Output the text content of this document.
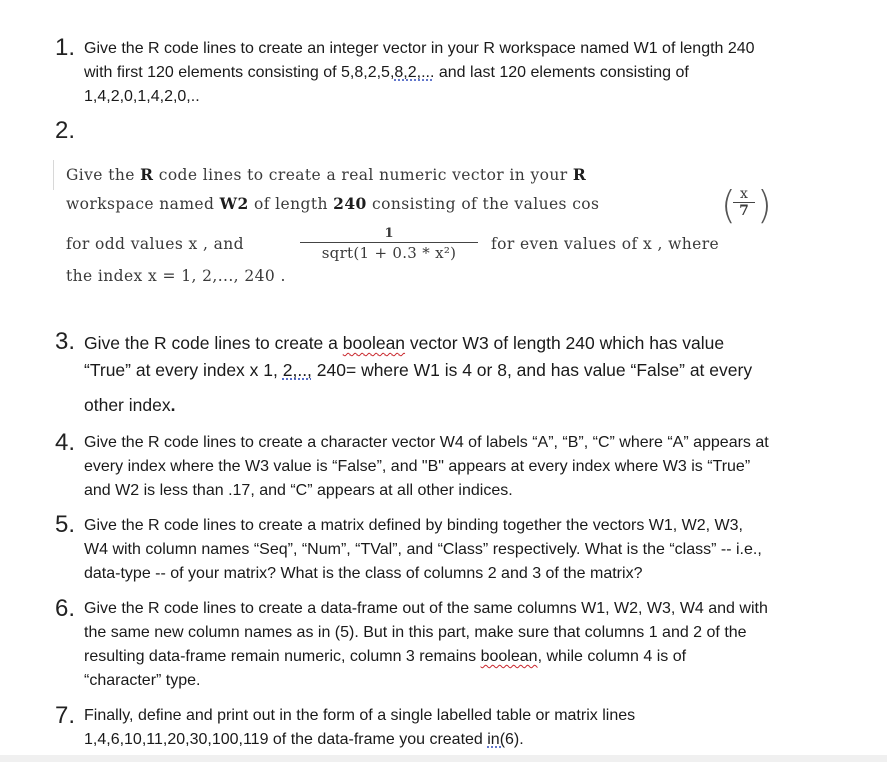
1. Give the R code lines to create an integer vector in your R workspace named W1 of length 240
with first 120 elements consisting of 5,8,2,5,8,2,... and last 120 elements consisting of
1,4,2,0,1,4,2,0,..
2.
Give the R code lines to create a real numeric vector in your R
workspace named W2 of length 240 consisting of the values cos	(
$\frac{x}{7}$ )
for odd values x , and
1
sqrt(1 + 0.3 * x²)	for even values of x , where
the index x = 1, 2,..., 240 .
3. Give the R code lines to create a boolean vector W3 of length 240 which has value
“True” at every index x 1, 2,.., 240= where W1 is 4 or 8, and has value “False” at every
other index.
4. Give the R code lines to create a character vector W4 of labels “A”, “B”, “C” where “A” appears at
every index where the W3 value is “False”, and "B" appears at every index where W3 is “True”
and W2 is less than .17, and “C” appears at all other indices.
5. Give the R code lines to create a matrix defined by binding together the vectors W1, W2, W3,
W4 with column names “Seq”, “Num”, “TVal”, and “Class” respectively. What is the “class” -- i.e.,
data-type -- of your matrix? What is the class of columns 2 and 3 of the matrix?
6. Give the R code lines to create a data-frame out of the same columns W1, W2, W3, W4 and with
the same new column names as in (5). But in this part, make sure that columns 1 and 2 of the
resulting data-frame remain numeric, column 3 remains boolean, while column 4 is of
“character” type.
7. Finally, define and print out in the form of a single labelled table or matrix lines
1,4,6,10,11,20,30,100,119 of the data-frame you created in(6).
